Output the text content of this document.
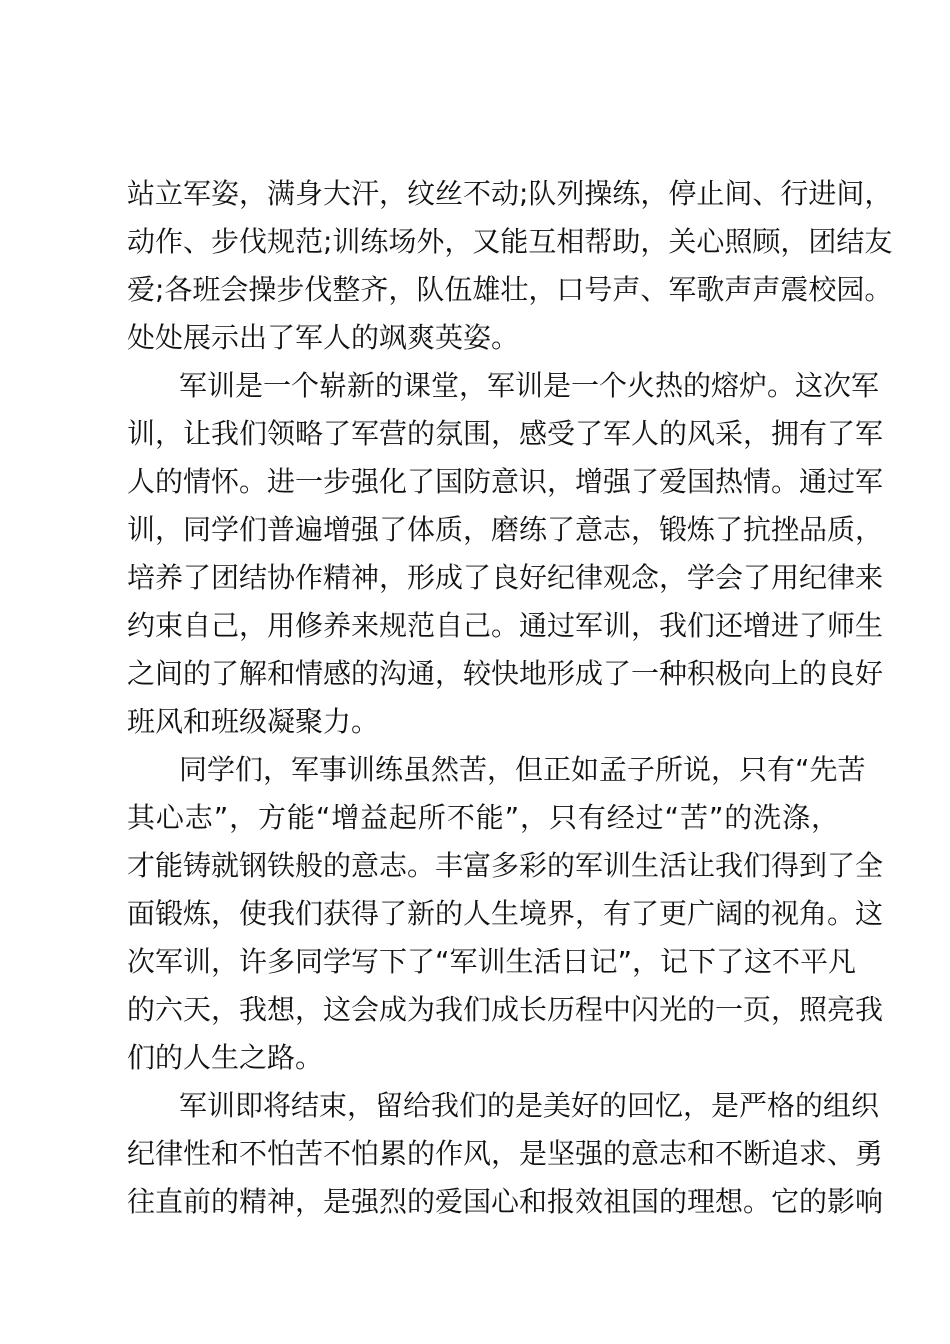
站立军姿，满身大汗，纹丝不动;队列操练，停止间、行进间，
动作、步伐规范;训练场外，又能互相帮助，关心照顾，团结友
爱;各班会操步伐整齐，队伍雄壮，口号声、军歌声声震校园。
处处展示出了军人的飒爽英姿。
军训是一个崭新的课堂，军训是一个火热的熔炉。这次军
训，让我们领略了军营的氛围，感受了军人的风采，拥有了军
人的情怀。进一步强化了国防意识，增强了爱国热情。通过军
训，同学们普遍增强了体质，磨练了意志，锻炼了抗挫品质，
培养了团结协作精神，形成了良好纪律观念，学会了用纪律来
约束自己，用修养来规范自己。通过军训，我们还增进了师生
之间的了解和情感的沟通，较快地形成了一种积极向上的良好
班风和班级凝聚力。
同学们，军事训练虽然苦，但正如孟子所说，只有“先苦
其心志”，方能“增益起所不能”，只有经过“苦”的洗涤，
才能铸就钢铁般的意志。丰富多彩的军训生活让我们得到了全
面锻炼，使我们获得了新的人生境界，有了更广阔的视角。这
次军训，许多同学写下了“军训生活日记”，记下了这不平凡
的六天，我想，这会成为我们成长历程中闪光的一页，照亮我
们的人生之路。
军训即将结束，留给我们的是美好的回忆，是严格的组织
纪律性和不怕苦不怕累的作风，是坚强的意志和不断追求、勇
往直前的精神，是强烈的爱国心和报效祖国的理想。它的影响
